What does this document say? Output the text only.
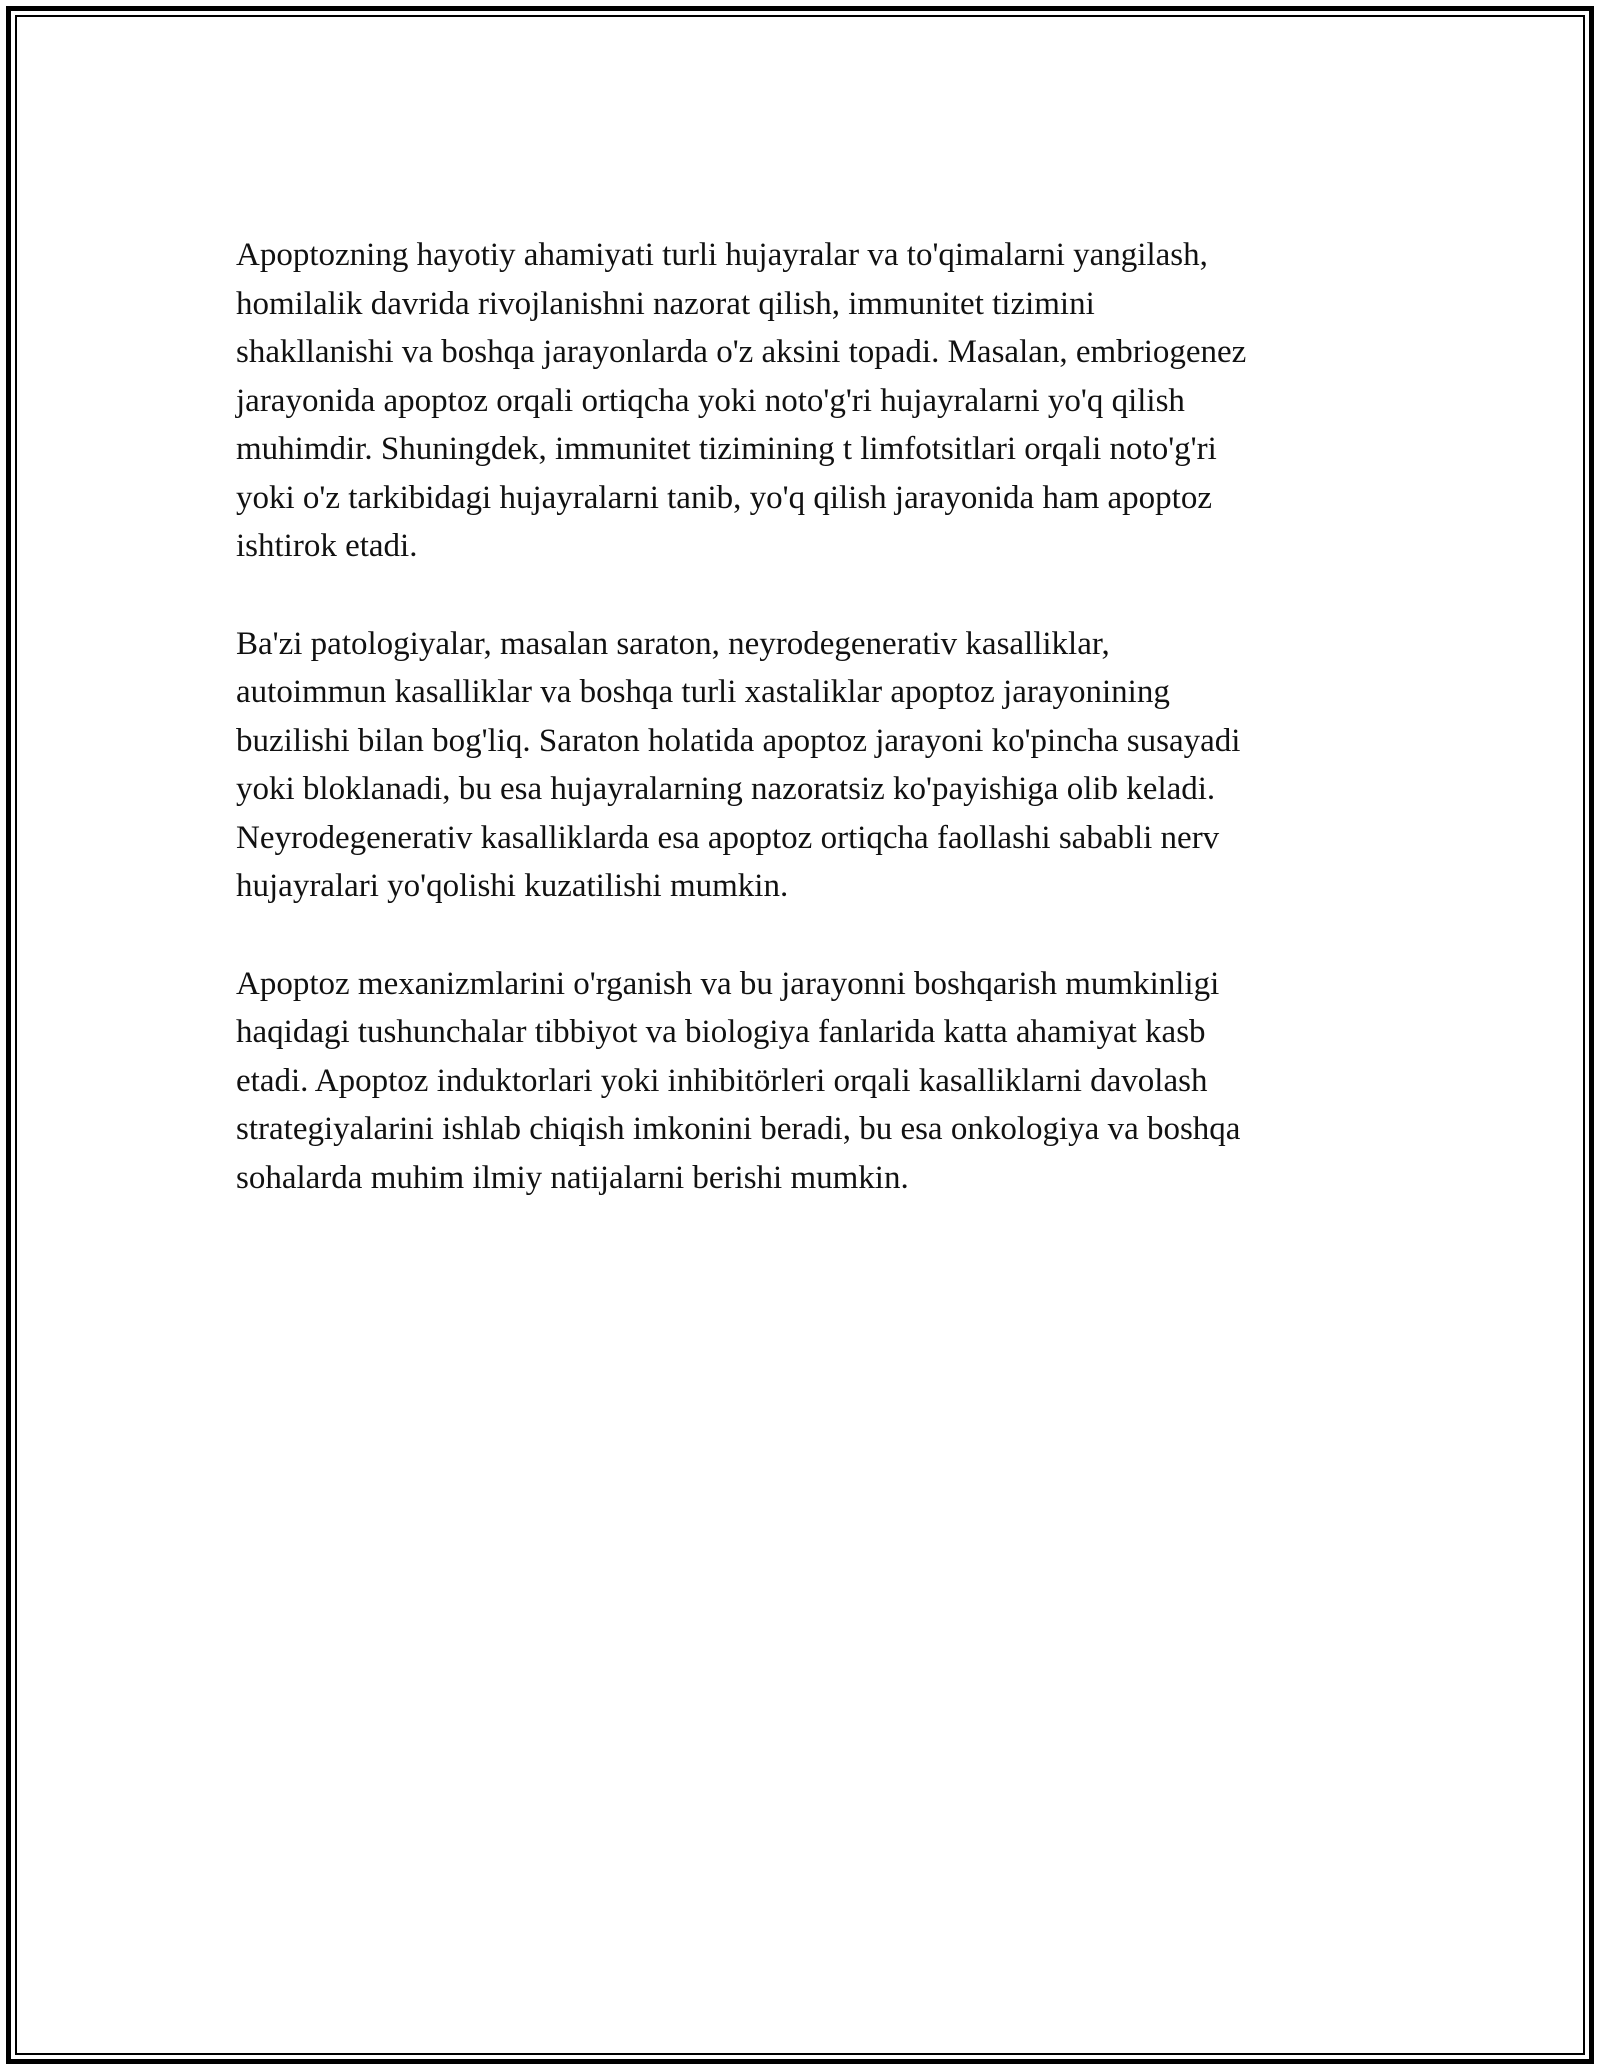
Apoptozning hayotiy ahamiyati turli hujayralar va to'qimalarni yangilash,
homilalik davrida rivojlanishni nazorat qilish, immunitet tizimini
shakllanishi va boshqa jarayonlarda o'z aksini topadi. Masalan, embriogenez
jarayonida apoptoz orqali ortiqcha yoki noto'g'ri hujayralarni yo'q qilish
muhimdir. Shuningdek, immunitet tizimining t limfotsitlari orqali noto'g'ri
yoki o'z tarkibidagi hujayralarni tanib, yo'q qilish jarayonida ham apoptoz
ishtirok etadi.

Ba'zi patologiyalar, masalan saraton, neyrodegenerativ kasalliklar,
autoimmun kasalliklar va boshqa turli xastaliklar apoptoz jarayonining
buzilishi bilan bog'liq. Saraton holatida apoptoz jarayoni ko'pincha susayadi
yoki bloklanadi, bu esa hujayralarning nazoratsiz ko'payishiga olib keladi.
Neyrodegenerativ kasalliklarda esa apoptoz ortiqcha faollashi sababli nerv
hujayralari yo'qolishi kuzatilishi mumkin.

Apoptoz mexanizmlarini o'rganish va bu jarayonni boshqarish mumkinligi
haqidagi tushunchalar tibbiyot va biologiya fanlarida katta ahamiyat kasb
etadi. Apoptoz induktorlari yoki inhibitörleri orqali kasalliklarni davolash
strategiyalarini ishlab chiqish imkonini beradi, bu esa onkologiya va boshqa
sohalarda muhim ilmiy natijalarni berishi mumkin.
